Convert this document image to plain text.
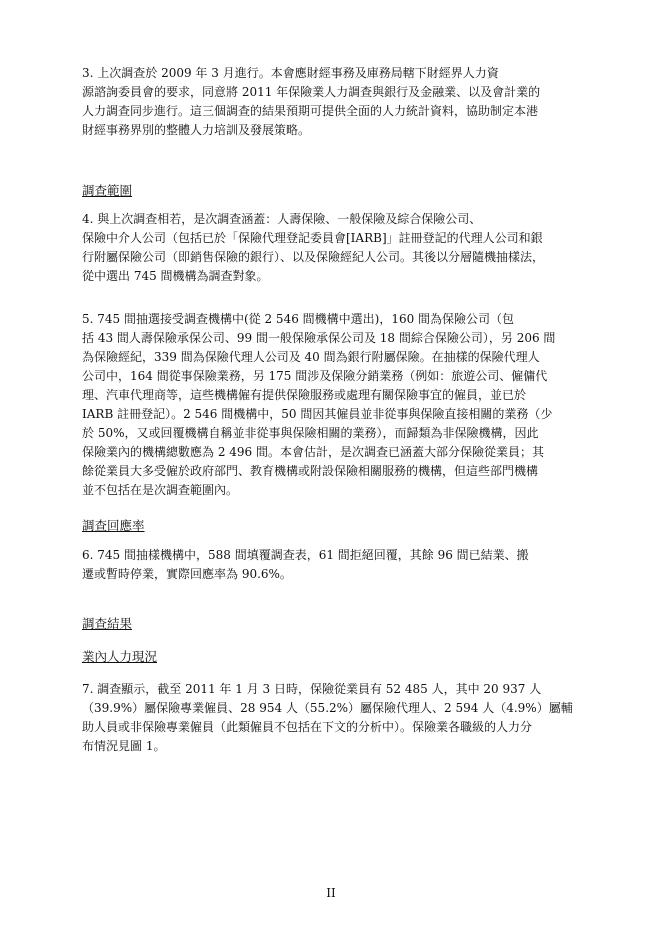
3. 上次調查於 2009 年 3 月進行。本會應財經事務及庫務局轄下財經界人力資
源諮詢委員會的要求，同意將 2011 年保險業人力調查與銀行及金融業、以及會計業的
人力調查同步進行。這三個調查的結果預期可提供全面的人力統計資料，協助制定本港
財經事務界別的整體人力培訓及發展策略。
調查範圍
4. 與上次調查相若，是次調查涵蓋：人壽保險、一般保險及綜合保險公司、
保險中介人公司（包括已於「保險代理登記委員會[IARB]」註冊登記的代理人公司和銀
行附屬保險公司（即銷售保險的銀行）、以及保險經紀人公司。其後以分層隨機抽樣法，
從中選出 745 間機構為調查對象。
5. 745 間抽選接受調查機構中(從 2 546 間機構中選出)，160 間為保險公司（包
括 43 間人壽保險承保公司、99 間一般保險承保公司及 18 間綜合保險公司），另 206 間
為保險經紀，339 間為保險代理人公司及 40 間為銀行附屬保險。在抽樣的保險代理人
公司中，164 間從事保險業務，另 175 間涉及保險分銷業務（例如：旅遊公司、僱傭代
理、汽車代理商等，這些機構僱有提供保險服務或處理有關保險事宜的僱員，並已於
IARB 註冊登記）。2 546 間機構中，50 間因其僱員並非從事與保險直接相關的業務（少
於 50%，又或回覆機構自稱並非從事與保險相關的業務），而歸類為非保險機構，因此
保險業內的機構總數應為 2 496 間。本會估計，是次調查已涵蓋大部分保險從業員；其
餘從業員大多受僱於政府部門、教育機構或附設保險相關服務的機構，但這些部門機構
並不包括在是次調查範圍內。
調查回應率
6. 745 間抽樣機構中，588 間填覆調查表，61 間拒絕回覆，其餘 96 間已結業、搬
遷或暫時停業，實際回應率為 90.6%。
調查結果
業內人力現況
7. 調查顯示，截至 2011 年 1 月 3 日時，保險從業員有 52 485 人，其中 20 937 人
（39.9%）屬保險專業僱員、28 954 人（55.2%）屬保險代理人、2 594 人（4.9%）屬輔
助人員或非保險專業僱員（此類僱員不包括在下文的分析中）。保險業各職級的人力分
布情況見圖 1。
II
